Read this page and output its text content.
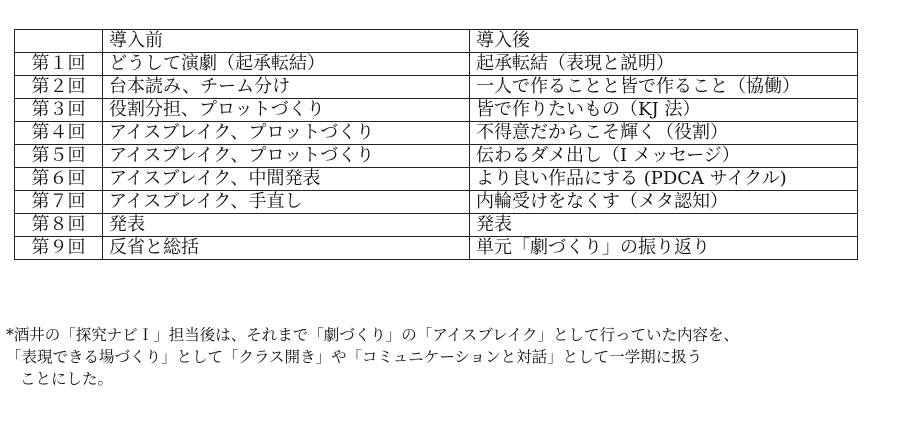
	導入前	導入後
第１回	どうして演劇（起承転結）	起承転結（表現と説明）
第２回	台本読み、チーム分け	一人で作ることと皆で作ること（協働）
第３回	役割分担、プロットづくり	皆で作りたいもの（KJ 法）
第４回	アイスブレイク、プロットづくり	不得意だからこそ輝く（役割）
第５回	アイスブレイク、プロットづくり	伝わるダメ出し（I メッセージ）
第６回	アイスブレイク、中間発表	より良い作品にする (PDCA サイクル)
第７回	アイスブレイク、手直し	内輪受けをなくす（メタ認知）
第８回	発表	発表
第９回	反省と総括	単元「劇づくり」の振り返り

*酒井の「探究ナビＩ」担当後は、それまで「劇づくり」の「アイスブレイク」として行っていた内容を、

「表現できる場づくり」として「クラス開き」や「コミュニケーションと対話」として一学期に扱う

ことにした。
